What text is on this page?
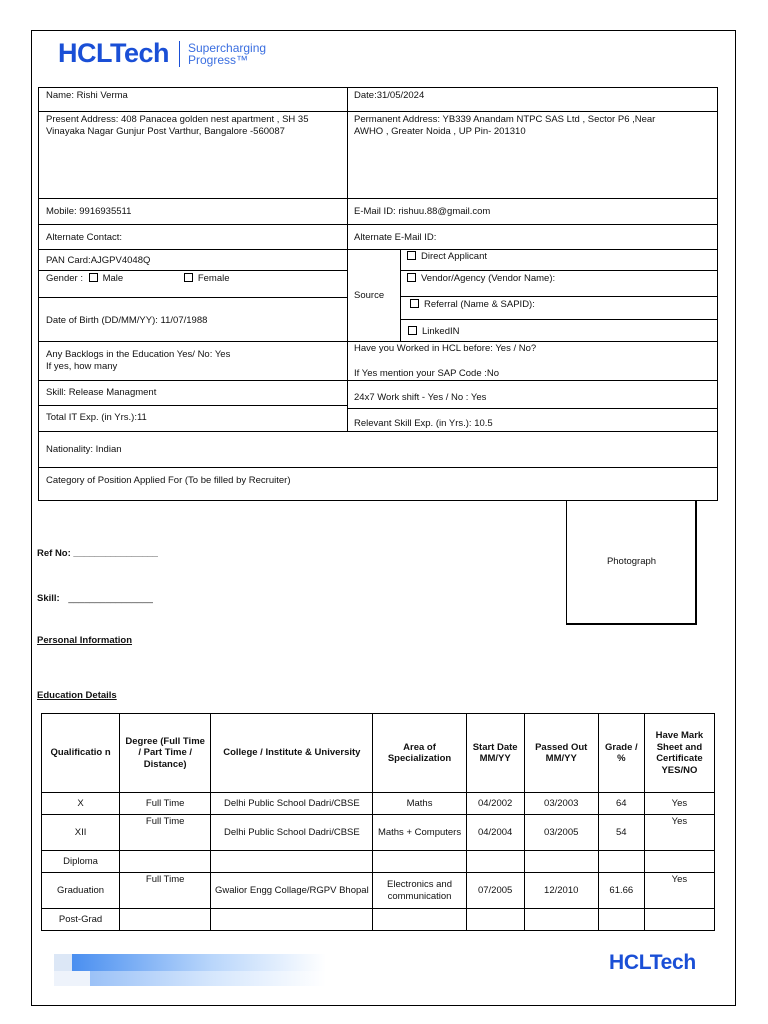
HCLTech Supercharging
Progress™
Name: Rishi Verma	Date:31/05/2024
Present Address: 408 Panacea golden nest apartment , SH 35
Vinayaka Nagar Gunjur Post Varthur, Bangalore -560087
Permanent Address: YB339 Anandam NTPC SAS Ltd , Sector P6 ,Near
AWHO , Greater Noida , UP Pin- 201310
Mobile: 9916935511	E-Mail ID: rishuu.88@gmail.com
Alternate Contact:	Alternate E-Mail ID:
PAN Card:AJGPV4048Q
Gender : Male	Female
Date of Birth (DD/MM/YY): 11/07/1988
Source
Direct Applicant
Vendor/Agency (Vendor Name):
Referral (Name & SAPID):
LinkedIN
Any Backlogs in the Education Yes/ No: Yes
If yes, how many
Have you Worked in HCL before: Yes / No?
If Yes mention your SAP Code :No
Skill: Release Managment	24x7 Work shift - Yes / No : Yes
Total IT Exp. (in Yrs.):11
Relevant Skill Exp. (in Yrs.): 10.5
Nationality: Indian
Category of Position Applied For (To be filled by Recruiter)
Photograph
Ref No: ________________
Skill: ________________
Personal Information
Education Details
Qualificatio n	Degree (Full Time / Part Time / Distance)	College / Institute & University	Area of Specialization	Start Date MM/YY	Passed Out MM/YY	Grade / %	Have Mark Sheet and Certificate YES/NO
X	Full Time	Delhi Public School Dadri/CBSE	Maths	04/2002	03/2003	64	Yes
XII	Full Time	Delhi Public School Dadri/CBSE	Maths + Computers	04/2004	03/2005	54	Yes
Diploma							
Graduation	Full Time	Gwalior Engg Collage/RGPV Bhopal	Electronics and communication	07/2005	12/2010	61.66	Yes
Post-Grad							
HCLTech
